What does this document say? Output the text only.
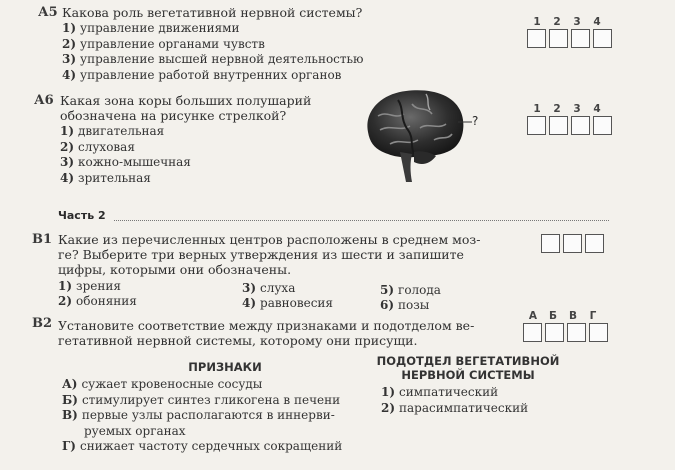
А5 Какова роль вегетативной нервной системы?
1) управление движениями
2) управление органами чувств
3) управление высшей нервной деятельностью
4) управление работой внутренних органов
1	2	3	4
А6 Какая зона коры больших полушарий
обозначена на рисунке стрелкой?
1) двигательная
2) слуховая
3) кожно-мышечная
4) зрительная
?
1	2	3	4
Часть 2
В1 Какие из перечисленных центров расположены в среднем моз-
ге? Выберите три верных утверждения из шести и запишите
цифры, которыми они обозначены.
1) зрения
2) обоняния
3) слуха
4) равновесия
5) голода
6) позы
В2 Установите соответствие между признаками и подотделом ве-
гетативной нервной системы, которому они присущи.
А	Б	В	Г
ПРИЗНАКИ
А) сужает кровеносные сосуды
Б) стимулирует синтез гликогена в печени
В) первые узлы располагаются в иннерви-
руемых органах
Г) снижает частоту сердечных сокращений
ПОДОТДЕЛ ВЕГЕТАТИВНОЙ
НЕРВНОЙ СИСТЕМЫ
1) симпатический
2) парасимпатический
